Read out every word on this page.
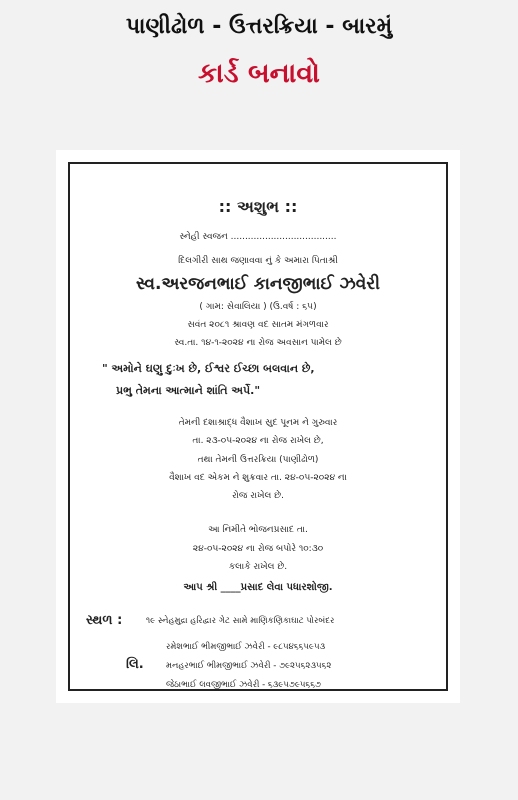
પાણીઢોળ - ઉત્તરક્રિયા - બારમું
કાર્ડ બનાવો
:: અશુભ ::
સ્નેહી સ્વજન .....................................
દિલગીરી સાથ જણાવવા નું કે અમારા પિતાશ્રી
સ્વ.અરજનભાઈ કાનજીભાઈ ઝવેરી
( ગામ: સેવાલિયા ) (ઉ.વર્ષ : ૬૫)
સવંત ૨૦૮૧ શ્રાવણ વદ સાતમ મંગળવાર
સ્વ.તા. ૧૪-૧-૨૦૨૪ ના રોજ અવસાન પામેલ છે
" અમોને ઘણુ દુઃખ છે, ઈશ્વર ઈચ્છા બલવાન છે,
પ્રભુ તેમના આત્માને શાંતિ અર્પે."
તેમની દશાશ્રાદ્ધ વૈશાખ સુદ પૂનમ ને ગુરુવાર
તા. ૨૩-૦૫-૨૦૨૪ ના રોજ રાખેલ છે,
તથા તેમની ઉત્તરક્રિયા (પાણીઢોળ)
વૈશાખ વદ એકમ ને શુક્રવાર તા. ૨૪-૦૫-૨૦૨૪ ના
રોજ રાખેલ છે.
આ નિમીતે ભોજનપ્રસાદ તા.
૨૪-૦૫-૨૦૨૪ ના રોજ બપોરે ૧૦:૩૦
કલાકે રાખેલ છે.
આપ શ્રી ____પ્રસાદ લેવા પધારશોજી.
સ્થળ :	૧૯ સ્નેહમુદ્રા હરિદ્વાર ગેટ સામે માણિકણિકાઘાટ પોરબંદર
લિ.
રમેશભાઈ ભીમજીભાઈ ઝવેરી - ૯૮૫૪૬૬૫૯૫૩
મનહરભાઈ ભીમજીભાઈ ઝવેરી - ૭૯૨૫૬૨૩૫૬૨
જેઠાભાઈ લવજીભાઈ ઝવેરી - ૬૩૯૫૭૯૫૬૬૭
